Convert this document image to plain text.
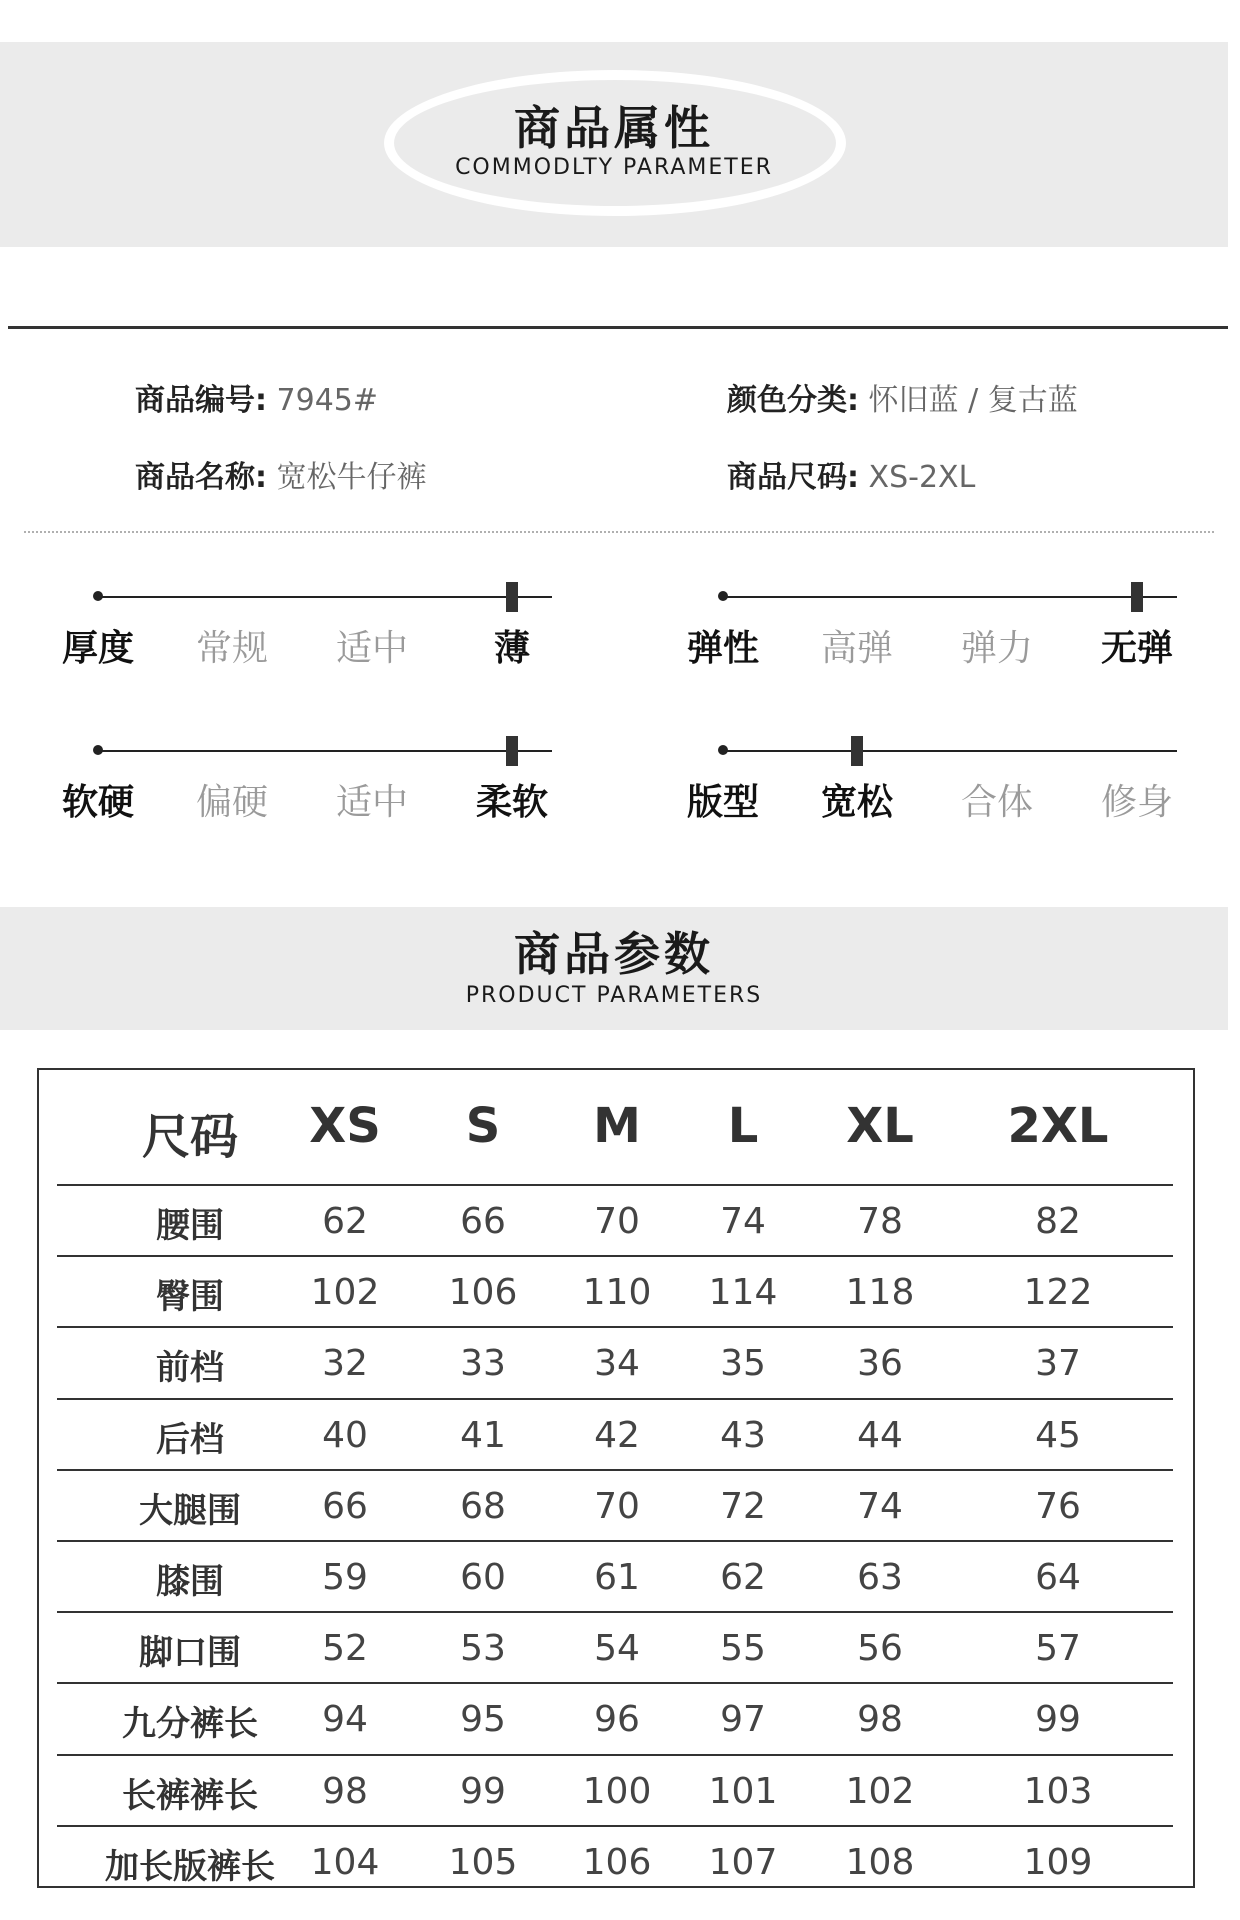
商品属性
COMMODLTY PARAMETER
商品编号: 7945#	颜色分类: 怀旧蓝 / 复古蓝
商品名称: 宽松牛仔裤	商品尺码: XS-2XL
厚度 常规 适中 薄	弹性 高弹 弹力 无弹
软硬 偏硬 适中 柔软	版型 宽松 合体 修身
商品参数
PRODUCT PARAMETERS
尺码 XS S M L XL 2XL
腰围	62	66 70 74	78	82
臀围 102 106 110 114 118	122
前档	32	33 34 35	36	37
后档	40	41 42 43	44	45
大腿围 66	68 70 72	74	76
膝围	59	60 61 62	63	64
脚口围 52	53 54 55	56	57
九分裤长 94	95 96 97	98	99
长裤裤长 98	99 100 101 102	103
加长版裤长 104 105 106 107 108	109
